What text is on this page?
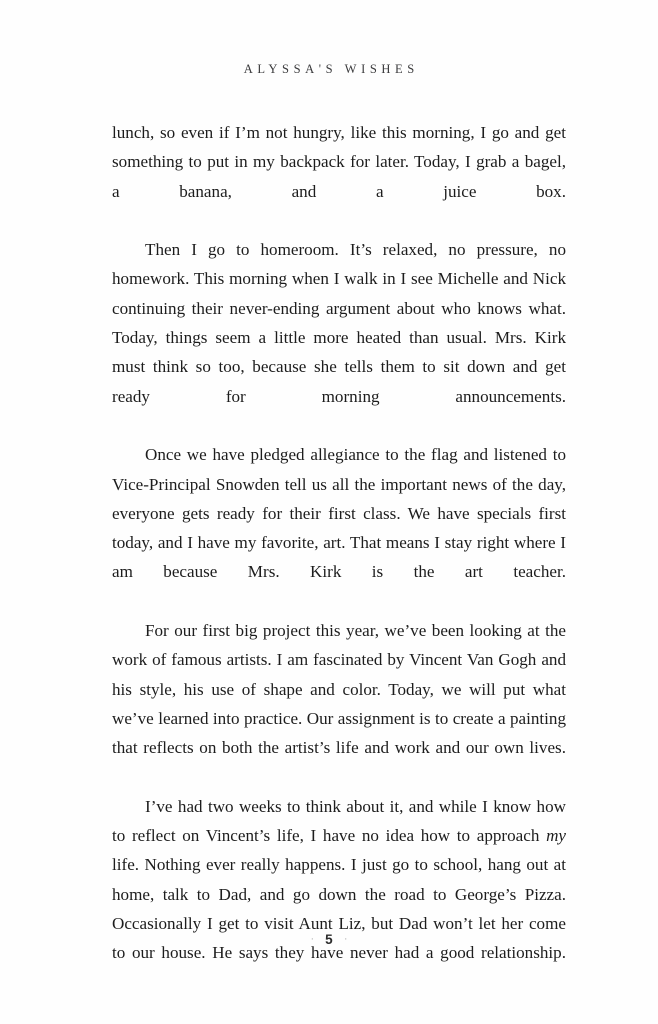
ALYSSA'S WISHES

lunch, so even if I’m not hungry, like this morning, I go and get something to put in my backpack for later. Today, I grab a bagel, a banana, and a juice box.

Then I go to homeroom. It’s relaxed, no pressure, no homework. This morning when I walk in I see Michelle and Nick continuing their never-ending argument about who knows what. Today, things seem a little more heated than usual. Mrs. Kirk must think so too, because she tells them to sit down and get ready for morning announcements.

Once we have pledged allegiance to the flag and listened to Vice-Principal Snowden tell us all the important news of the day, everyone gets ready for their first class. We have specials first today, and I have my favorite, art. That means I stay right where I am because Mrs. Kirk is the art teacher.

For our first big project this year, we’ve been looking at the work of famous artists. I am fascinated by Vincent Van Gogh and his style, his use of shape and color. Today, we will put what we’ve learned into practice. Our assignment is to create a painting that reflects on both the artist’s life and work and our own lives.

I’ve had two weeks to think about it, and while I know how to reflect on Vincent’s life, I have no idea how to approach my life. Nothing ever really happens. I just go to school, hang out at home, talk to Dad, and go down the road to George’s Pizza. Occasionally I get to visit Aunt Liz, but Dad won’t let her come to our house. He says they have never had a good relationship.

· 5 ·
